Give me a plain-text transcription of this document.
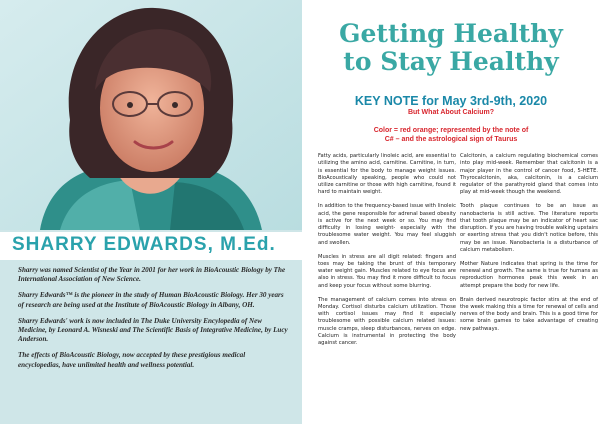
SHARRY EDWARDS, M.Ed.

Sharry was named Scientist of the Year in 2001 for her work in BioAcoustic Biology by The International Association of New Science.

Sharry Edwards™ is the pioneer in the study of Human BioAcoustic Biology. Her 30 years of research are being used at the Institute of BioAcoustic Biology in Albany, OH.

Sharry Edwards' work is now included in The Duke University Encylopedia of New Medicine, by Leonard A. Wisneski and The Scientific Basis of Integrative Medicine, by Lucy Anderson.

The effects of BioAcoustic Biology, now accepted by these prestigious medical encyclopedias, have unlimited health and wellness potential.

Getting Healthy
to Stay Healthy
KEY NOTE for May 3rd-9th, 2020
But What About Calcium?
Color = red orange; represented by the note of
C# – and the astrological sign of Taurus

Fatty acids, particularly linoleic acid, are essential to utilizing the amino acid, carnitine. Carnitine, in turn, is essential for the body to manage weight issues. BioAcoustically speaking, people who could not utilize carnitine or those with high carnitine, found it hard to maintain weight.

In addition to the frequency-based issue with linoleic acid, the gene responsible for adrenal based obesity is active for the next week or so. You may find difficulty in losing weight- especially with the troublesome water weight. You may feel sluggish and swollen.

Muscles in stress are all digit related: fingers and toes may be taking the brunt of this temporary water weight gain. Muscles related to eye focus are also in stress. You may find it more difficult to focus and keep your focus without some blurring.

The management of calcium comes into stress on Monday. Cortisol disturbs calcium utilization. Those with cortisol issues may find it especially troublesome with possible calcium related issues: muscle cramps, sleep disturbances, nerves on edge. Calcium is instrumental in protecting the body against cancer.

Calcitonin, a calcium regulating biochemical comes into play mid-week. Remember that calcitonin is a major player in the control of cancer food, 5-HETE. Thyrocalcitonin, aka, calcitonin, is a calcium regulator of the parathyroid gland that comes into play at mid-week though the weekend.

Tooth plaque continues to be an issue as nanobacteria is still active. The literature reports that tooth plaque may be an indicator of heart sac disruption. If you are having trouble walking upstairs or exerting stress that you didn't notice before, this may be an issue. Nanobacteria is a disturbance of calcium metabolism.

Mother Nature indicates that spring is the time for renewal and growth. The same is true for humans as reproduction hormones peak this week in an attempt prepare the body for new life.

Brain derived neurotropic factor stirs at the end of the week making this a time for renewal of cells and nerves of the body and brain. This is a good time for some brain games to take advantage of creating new pathways.
